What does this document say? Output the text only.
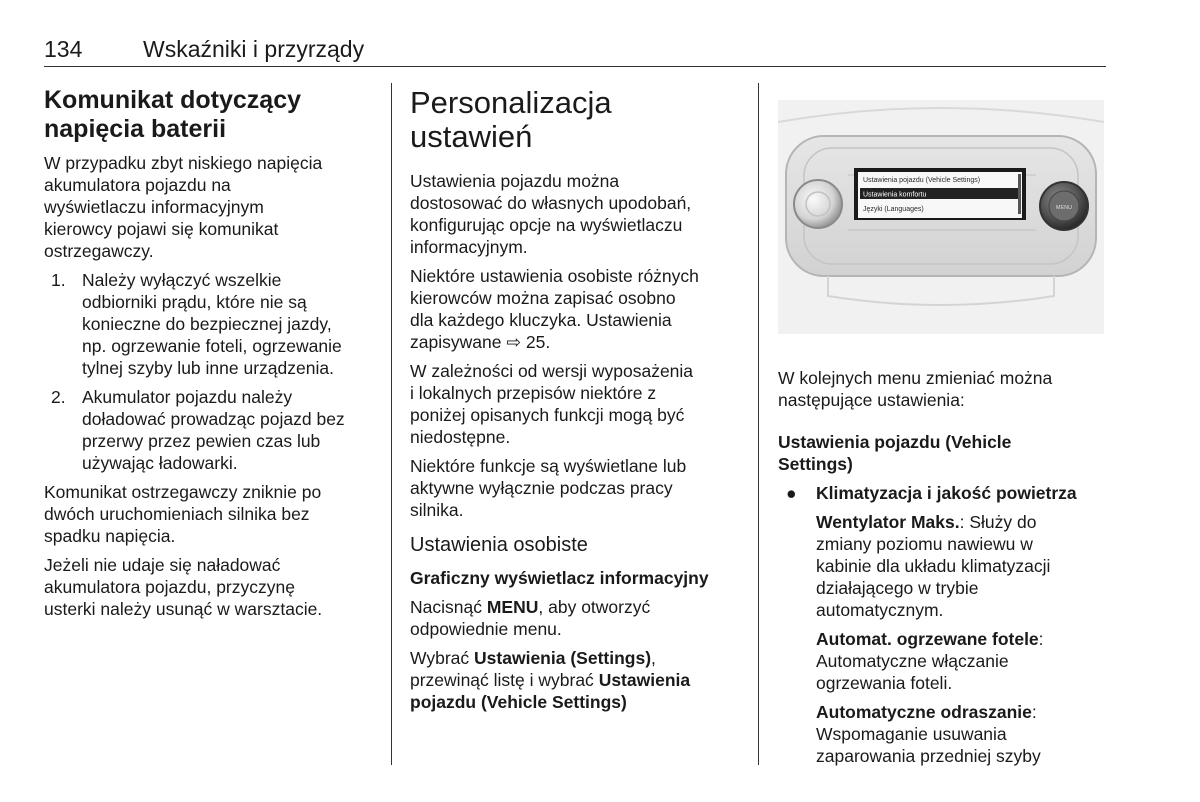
134	Wskaźniki i przyrządy
Komunikat dotyczący
napięcia baterii

W przypadku zbyt niskiego napięcia
akumulatora pojazdu na
wyświetlaczu informacyjnym
kierowcy pojawi się komunikat
ostrzegawczy.

1. Należy wyłączyć wszelkie
odbiorniki prądu, które nie są
konieczne do bezpiecznej jazdy,
np. ogrzewanie foteli, ogrzewanie
tylnej szyby lub inne urządzenia.
2. Akumulator pojazdu należy
doładować prowadząc pojazd bez
przerwy przez pewien czas lub
używając ładowarki.

Komunikat ostrzegawczy zniknie po
dwóch uruchomieniach silnika bez
spadku napięcia.

Jeżeli nie udaje się naładować
akumulatora pojazdu, przyczynę
usterki należy usunąć w warsztacie.

Personalizacja
ustawień

Ustawienia pojazdu można
dostosować do własnych upodobań,
konfigurując opcje na wyświetlaczu
informacyjnym.

Niektóre ustawienia osobiste różnych
kierowców można zapisać osobno
dla każdego kluczyka. Ustawienia
zapisywane ⇨ 25.

W zależności od wersji wyposażenia
i lokalnych przepisów niektóre z
poniżej opisanych funkcji mogą być
niedostępne.

Niektóre funkcje są wyświetlane lub
aktywne wyłącznie podczas pracy
silnika.

Ustawienia osobiste
Graficzny wyświetlacz informacyjny

Nacisnąć MENU, aby otworzyć
odpowiednie menu.

Wybrać Ustawienia (Settings),
przewinąć listę i wybrać Ustawienia
pojazdu (Vehicle Settings)

MENU
Ustawienia pojazdu (Vehicle Settings)
Ustawienia komfortu
Języki (Languages)

W kolejnych menu zmieniać można
następujące ustawienia:

Ustawienia pojazdu (Vehicle
Settings)
● Klimatyzacja i jakość powietrza

Wentylator Maks.: Służy do
zmiany poziomu nawiewu w
kabinie dla układu klimatyzacji
działającego w trybie
automatycznym.

Automat. ogrzewane fotele:
Automatyczne włączanie
ogrzewania foteli.

Automatyczne odraszanie:
Wspomaganie usuwania
zaparowania przedniej szyby
